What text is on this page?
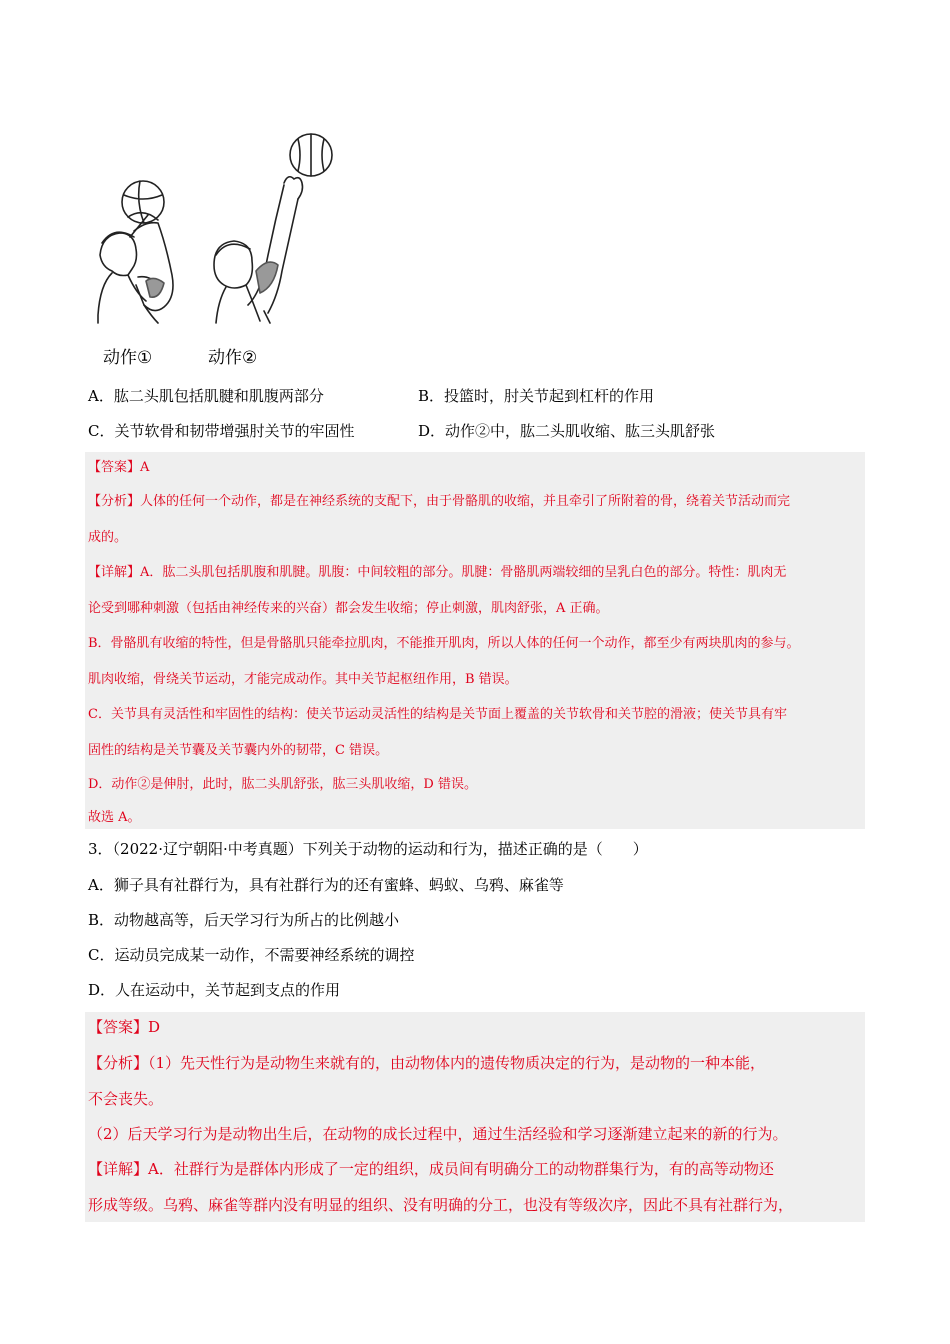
动作①	动作②
A．肱二头肌包括肌腱和肌腹两部分	B．投篮时，肘关节起到杠杆的作用
C．关节软骨和韧带增强肘关节的牢固性	D．动作②中，肱二头肌收缩、肱三头肌舒张
【答案】A
【分析】人体的任何一个动作，都是在神经系统的支配下，由于骨骼肌的收缩，并且牵引了所附着的骨，绕着关节活动而完
成的。
【详解】A．肱二头肌包括肌腹和肌腱。肌腹：中间较粗的部分。肌腱：骨骼肌两端较细的呈乳白色的部分。特性：肌肉无
论受到哪种刺激（包括由神经传来的兴奋）都会发生收缩；停止刺激，肌肉舒张，A 正确。
B．骨骼肌有收缩的特性，但是骨骼肌只能牵拉肌肉，不能推开肌肉，所以人体的任何一个动作，都至少有两块肌肉的参与。
肌肉收缩，骨绕关节运动，才能完成动作。其中关节起枢纽作用，B 错误。
C．关节具有灵活性和牢固性的结构：使关节运动灵活性的结构是关节面上覆盖的关节软骨和关节腔的滑液；使关节具有牢
固性的结构是关节囊及关节囊内外的韧带，C 错误。
D．动作②是伸肘，此时，肱二头肌舒张，肱三头肌收缩，D 错误。
故选 A。
3．（2022·辽宁朝阳·中考真题）下列关于动物的运动和行为，描述正确的是（　　）
A．狮子具有社群行为，具有社群行为的还有蜜蜂、蚂蚁、乌鸦、麻雀等
B．动物越高等，后天学习行为所占的比例越小
C．运动员完成某一动作，不需要神经系统的调控
D．人在运动中，关节起到支点的作用
【答案】D
【分析】（1）先天性行为是动物生来就有的，由动物体内的遗传物质决定的行为，是动物的一种本能，
不会丧失。
（2）后天学习行为是动物出生后，在动物的成长过程中，通过生活经验和学习逐渐建立起来的新的行为。
【详解】A．社群行为是群体内形成了一定的组织，成员间有明确分工的动物群集行为，有的高等动物还
形成等级。乌鸦、麻雀等群内没有明显的组织、没有明确的分工，也没有等级次序，因此不具有社群行为，
